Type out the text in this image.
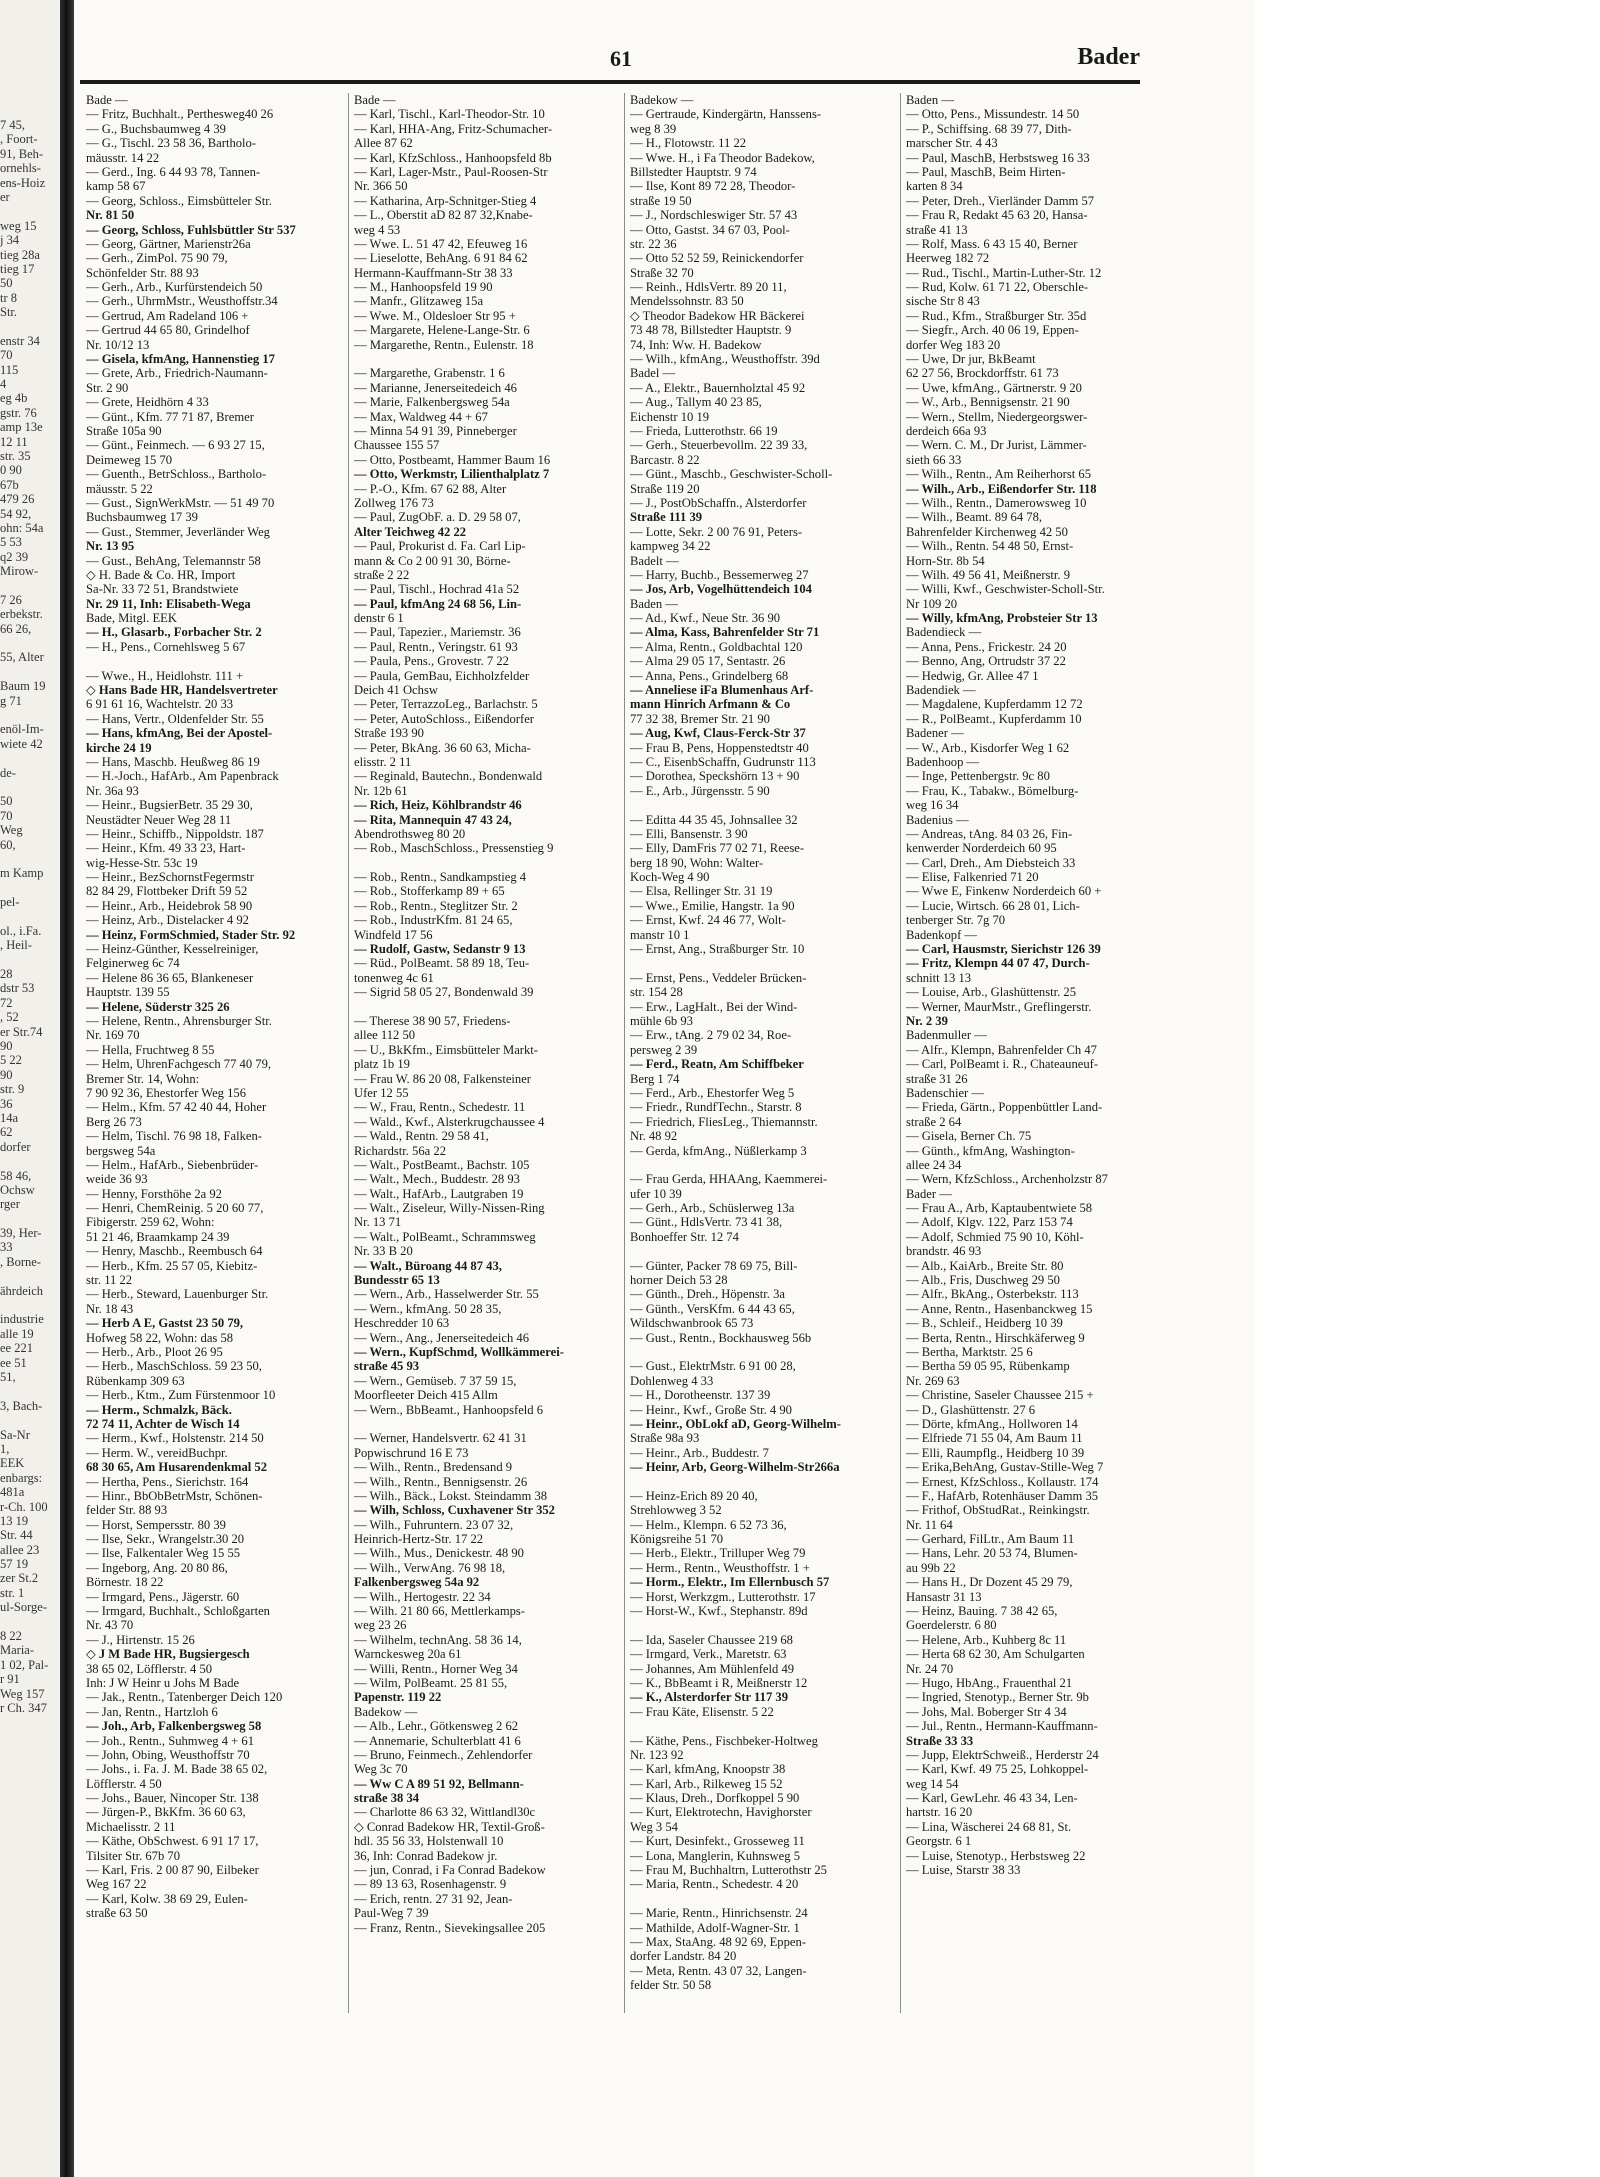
7 45,
, Foort-
91, Beh-
ornehls-
ens-Hoiz
er
weg 15
j 34
tieg 28a
tieg 17
50
tr 8
Str.
enstr 34
70
115
4
eg 4b
gstr. 76
amp 13e
12 11
str. 35
0 90
67b
479 26
54 92,
ohn: 54a
5 53
q2 39
Mirow-
7 26
erbekstr.
66 26,
55, Alter
Baum 19
g 71
enöl-Im-
wiete 42
de-
50
70
Weg
60,
m Kamp
pel-
ol., i.Fa.
, Heil-
28
dstr 53
72
, 52
er Str.74
90
5 22
90
str. 9
36
14a
62
dorfer
58 46,
Ochsw
rger
39, Her-
33
, Borne-
ährdeich
industrie
alle 19
ee 221
ee 51
51,
3, Bach-
Sa-Nr
1,
EEK
enbargs:
481a
r-Ch. 100
13 19
Str. 44
allee 23
57 19
zer St.2
str. 1
ul-Sorge-
8 22
Maria-
1 02, Pal-
r 91
Weg 157
r Ch. 347
61	Bader
Bade —
— Fritz, Buchhalt., Perthesweg40 26
— G., Buchsbaumweg 4 39
— G., Tischl. 23 58 36, Bartholo-
mäusstr. 14 22
— Gerd., Ing. 6 44 93 78, Tannen-
kamp 58 67
— Georg, Schloss., Eimsbütteler Str.
Nr. 81 50
— Georg, Schloss, Fuhlsbüttler Str 537
— Georg, Gärtner, Marienstr26a
— Gerh., ZimPol. 75 90 79,
Schönfelder Str. 88 93
— Gerh., Arb., Kurfürstendeich 50
— Gerh., UhrmMstr., Weusthoffstr.34
— Gertrud, Am Radeland 106 +
— Gertrud 44 65 80, Grindelhof
Nr. 10/12 13
— Gisela, kfmAng, Hannenstieg 17
— Grete, Arb., Friedrich-Naumann-
Str. 2 90
— Grete, Heidhörn 4 33
— Günt., Kfm. 77 71 87, Bremer
Straße 105a 90
— Günt., Feinmech. — 6 93 27 15,
Deimeweg 15 70
— Guenth., BetrSchloss., Bartholo-
mäusstr. 5 22
— Gust., SignWerkMstr. — 51 49 70
Buchsbaumweg 17 39
— Gust., Stemmer, Jeverländer Weg
Nr. 13 95
— Gust., BehAng, Telemannstr 58
◇ H. Bade & Co. HR, Import
Sa-Nr. 33 72 51, Brandstwiete
Nr. 29 11, Inh: Elisabeth-Wega
Bade, Mitgl. EEK
— H., Glasarb., Forbacher Str. 2
— H., Pens., Cornehlsweg 5 67
— Wwe., H., Heidlohstr. 111 +
◇ Hans Bade HR, Handelsvertreter
6 91 61 16, Wachtelstr. 20 33
— Hans, Vertr., Oldenfelder Str. 55
— Hans, kfmAng, Bei der Apostel-
kirche 24 19
— Hans, Maschb. Heußweg 86 19
— H.-Joch., HafArb., Am Papenbrack
Nr. 36a 93
— Heinr., BugsierBetr. 35 29 30,
Neustädter Neuer Weg 28 11
— Heinr., Schiffb., Nippoldstr. 187
— Heinr., Kfm. 49 33 23, Hart-
wig-Hesse-Str. 53c 19
— Heinr., BezSchornstFegermstr
82 84 29, Flottbeker Drift 59 52
— Heinr., Arb., Heidebrok 58 90
— Heinz, Arb., Distelacker 4 92
— Heinz, FormSchmied, Stader Str. 92
— Heinz-Günther, Kesselreiniger,
Felginerweg 6c 74
— Helene 86 36 65, Blankeneser
Hauptstr. 139 55
— Helene, Süderstr 325 26
— Helene, Rentn., Ahrensburger Str.
Nr. 169 70
— Hella, Fruchtweg 8 55
— Helm, UhrenFachgesch 77 40 79,
Bremer Str. 14, Wohn:
7 90 92 36, Ehestorfer Weg 156
— Helm., Kfm. 57 42 40 44, Hoher
Berg 26 73
— Helm, Tischl. 76 98 18, Falken-
bergsweg 54a
— Helm., HafArb., Siebenbrüder-
weide 36 93
— Henny, Forsthöhe 2a 92
— Henri, ChemReinig. 5 20 60 77,
Fibigerstr. 259 62, Wohn:
51 21 46, Braamkamp 24 39
— Henry, Maschb., Reembusch 64
— Herb., Kfm. 25 57 05, Kiebitz-
str. 11 22
— Herb., Steward, Lauenburger Str.
Nr. 18 43
— Herb A E, Gastst 23 50 79,
Hofweg 58 22, Wohn: das 58
— Herb., Arb., Ploot 26 95
— Herb., MaschSchloss. 59 23 50,
Rübenkamp 309 63
— Herb., Ktm., Zum Fürstenmoor 10
— Herm., Schmalzk, Bäck.
72 74 11, Achter de Wisch 14
— Herm., Kwf., Holstenstr. 214 50
— Herm. W., vereidBuchpr.
68 30 65, Am Husarendenkmal 52
— Hertha, Pens., Sierichstr. 164
— Hinr., BbObBetrMstr, Schönen-
felder Str. 88 93
— Horst, Sempersstr. 80 39
— Ilse, Sekr., Wrangelstr.30 20
— Ilse, Falkentaler Weg 15 55
— Ingeborg, Ang. 20 80 86,
Börnestr. 18 22
— Irmgard, Pens., Jägerstr. 60
— Irmgard, Buchhalt., Schloßgarten
Nr. 43 70
— J., Hirtenstr. 15 26
◇ J M Bade HR, Bugsiergesch
38 65 02, Löfflerstr. 4 50
Inh: J W Heinr u Johs M Bade
— Jak., Rentn., Tatenberger Deich 120
— Jan, Rentn., Hartzloh 6
— Joh., Arb, Falkenbergsweg 58
— Joh., Rentn., Suhmweg 4 + 61
— John, Obing, Weusthoffstr 70
— Johs., i. Fa. J. M. Bade 38 65 02,
Löfflerstr. 4 50
— Johs., Bauer, Nincoper Str. 138
— Jürgen-P., BkKfm. 36 60 63,
Michaelisstr. 2 11
— Käthe, ObSchwest. 6 91 17 17,
Tilsiter Str. 67b 70
— Karl, Fris. 2 00 87 90, Eilbeker
Weg 167 22
— Karl, Kolw. 38 69 29, Eulen-
straße 63 50
Bade —
— Karl, Tischl., Karl-Theodor-Str. 10
— Karl, HHA-Ang, Fritz-Schumacher-
Allee 87 62
— Karl, KfzSchloss., Hanhoopsfeld 8b
— Karl, Lager-Mstr., Paul-Roosen-Str
Nr. 366 50
— Katharina, Arp-Schnitger-Stieg 4
— L., Oberstit aD 82 87 32,Knabe-
weg 4 53
— Wwe. L. 51 47 42, Efeuweg 16
— Lieselotte, BehAng. 6 91 84 62
Hermann-Kauffmann-Str 38 33
— M., Hanhoopsfeld 19 90
— Manfr., Glitzaweg 15a
— Wwe. M., Oldesloer Str 95 +
— Margarete, Helene-Lange-Str. 6
— Margarethe, Rentn., Eulenstr. 18
— Margarethe, Grabenstr. 1 6
— Marianne, Jenerseitedeich 46
— Marie, Falkenbergsweg 54a
— Max, Waldweg 44 + 67
— Minna 54 91 39, Pinneberger
Chaussee 155 57
— Otto, Postbeamt, Hammer Baum 16
— Otto, Werkmstr, Lilienthalplatz 7
— P.-O., Kfm. 67 62 88, Alter
Zollweg 176 73
— Paul, ZugObF. a. D. 29 58 07,
Alter Teichweg 42 22
— Paul, Prokurist d. Fa. Carl Lip-
mann & Co 2 00 91 30, Börne-
straße 2 22
— Paul, Tischl., Hochrad 41a 52
— Paul, kfmAng 24 68 56, Lin-
denstr 6 1
— Paul, Tapezier., Mariemstr. 36
— Paul, Rentn., Veringstr. 61 93
— Paula, Pens., Grovestr. 7 22
— Paula, GemBau, Eichholzfelder
Deich 41 Ochsw
— Peter, TerrazzoLeg., Barlachstr. 5
— Peter, AutoSchloss., Eißendorfer
Straße 193 90
— Peter, BkAng. 36 60 63, Micha-
elisstr. 2 11
— Reginald, Bautechn., Bondenwald
Nr. 12b 61
— Rich, Heiz, Köhlbrandstr 46
— Rita, Mannequin 47 43 24,
Abendrothsweg 80 20
— Rob., MaschSchloss., Pressenstieg 9
— Rob., Rentn., Sandkampstieg 4
— Rob., Stofferkamp 89 + 65
— Rob., Rentn., Steglitzer Str. 2
— Rob., IndustrKfm. 81 24 65,
Windfeld 17 56
— Rudolf, Gastw, Sedanstr 9 13
— Rüd., PolBeamt. 58 89 18, Teu-
tonenweg 4c 61
— Sigrid 58 05 27, Bondenwald 39
— Therese 38 90 57, Friedens-
allee 112 50
— U., BkKfm., Eimsbütteler Markt-
platz 1b 19
— Frau W. 86 20 08, Falkensteiner
Ufer 12 55
— W., Frau, Rentn., Schedestr. 11
— Wald., Kwf., Alsterkrugchaussee 4
— Wald., Rentn. 29 58 41,
Richardstr. 56a 22
— Walt., PostBeamt., Bachstr. 105
— Walt., Mech., Buddestr. 28 93
— Walt., HafArb., Lautgraben 19
— Walt., Ziseleur, Willy-Nissen-Ring
Nr. 13 71
— Walt., PolBeamt., Schrammsweg
Nr. 33 B 20
— Walt., Büroang 44 87 43,
Bundesstr 65 13
— Wern., Arb., Hasselwerder Str. 55
— Wern., kfmAng. 50 28 35,
Heschredder 10 63
— Wern., Ang., Jenerseitedeich 46
— Wern., KupfSchmd, Wollkämmerei-
straße 45 93
— Wern., Gemüseb. 7 37 59 15,
Moorfleeter Deich 415 Allm
— Wern., BbBeamt., Hanhoopsfeld 6
— Werner, Handelsvertr. 62 41 31
Popwischrund 16 E 73
— Wilh., Rentn., Bredensand 9
— Wilh., Rentn., Bennigsenstr. 26
— Wilh., Bäck., Lokst. Steindamm 38
— Wilh, Schloss, Cuxhavener Str 352
— Wilh., Fuhruntern. 23 07 32,
Heinrich-Hertz-Str. 17 22
— Wilh., Mus., Denickestr. 48 90
— Wilh., VerwAng. 76 98 18,
Falkenbergsweg 54a 92
— Wilh., Hertogestr. 22 34
— Wilh. 21 80 66, Mettlerkamps-
weg 23 26
— Wilhelm, technAng. 58 36 14,
Warnckesweg 20a 61
— Willi, Rentn., Horner Weg 34
— Wilm, PolBeamt. 25 81 55,
Papenstr. 119 22
Badekow —
— Alb., Lehr., Götkensweg 2 62
— Annemarie, Schulterblatt 41 6
— Bruno, Feinmech., Zehlendorfer
Weg 3c 70
— Ww C A 89 51 92, Bellmann-
straße 38 34
— Charlotte 86 63 32, Wittlandl30c
◇ Conrad Badekow HR, Textil-Groß-
hdl. 35 56 33, Holstenwall 10
36, Inh: Conrad Badekow jr.
— jun, Conrad, i Fa Conrad Badekow
— 89 13 63, Rosenhagenstr. 9
— Erich, rentn. 27 31 92, Jean-
Paul-Weg 7 39
— Franz, Rentn., Sievekingsallee 205
Badekow —
— Gertraude, Kindergärtn, Hanssens-
weg 8 39
— H., Flotowstr. 11 22
— Wwe. H., i Fa Theodor Badekow,
Billstedter Hauptstr. 9 74
— Ilse, Kont 89 72 28, Theodor-
straße 19 50
— J., Nordschleswiger Str. 57 43
— Otto, Gastst. 34 67 03, Pool-
str. 22 36
— Otto 52 52 59, Reinickendorfer
Straße 32 70
— Reinh., HdlsVertr. 89 20 11,
Mendelssohnstr. 83 50
◇ Theodor Badekow HR Bäckerei
73 48 78, Billstedter Hauptstr. 9
74, Inh: Ww. H. Badekow
— Wilh., kfmAng., Weusthoffstr. 39d
Badel —
— A., Elektr., Bauernholztal 45 92
— Aug., Tallym 40 23 85,
Eichenstr 10 19
— Frieda, Lutterothstr. 66 19
— Gerh., Steuerbevollm. 22 39 33,
Barcastr. 8 22
— Günt., Maschb., Geschwister-Scholl-
Straße 119 20
— J., PostObSchaffn., Alsterdorfer
Straße 111 39
— Lotte, Sekr. 2 00 76 91, Peters-
kampweg 34 22
Badelt —
— Harry, Buchb., Bessemerweg 27
— Jos, Arb, Vogelhüttendeich 104
Baden —
— Ad., Kwf., Neue Str. 36 90
— Alma, Kass, Bahrenfelder Str 71
— Alma, Rentn., Goldbachtal 120
— Alma 29 05 17, Sentastr. 26
— Anna, Pens., Grindelberg 68
— Anneliese iFa Blumenhaus Arf-
mann Hinrich Arfmann & Co
77 32 38, Bremer Str. 21 90
— Aug, Kwf, Claus-Ferck-Str 37
— Frau B, Pens, Hoppenstedtstr 40
— C., EisenbSchaffn, Gudrunstr 113
— Dorothea, Speckshörn 13 + 90
— E., Arb., Jürgensstr. 5 90
— Editta 44 35 45, Johnsallee 32
— Elli, Bansenstr. 3 90
— Elly, DamFris 77 02 71, Reese-
berg 18 90, Wohn: Walter-
Koch-Weg 4 90
— Elsa, Rellinger Str. 31 19
— Wwe., Emilie, Hangstr. 1a 90
— Ernst, Kwf. 24 46 77, Wolt-
manstr 10 1
— Ernst, Ang., Straßburger Str. 10
— Ernst, Pens., Veddeler Brücken-
str. 154 28
— Erw., LagHalt., Bei der Wind-
mühle 6b 93
— Erw., tAng. 2 79 02 34, Roe-
persweg 2 39
— Ferd., Reatn, Am Schiffbeker
Berg 1 74
— Ferd., Arb., Ehestorfer Weg 5
— Friedr., RundfTechn., Starstr. 8
— Friedrich, FliesLeg., Thiemannstr.
Nr. 48 92
— Gerda, kfmAng., Nüßlerkamp 3
— Frau Gerda, HHAAng, Kaemmerei-
ufer 10 39
— Gerh., Arb., Schüslerweg 13a
— Günt., HdlsVertr. 73 41 38,
Bonhoeffer Str. 12 74
— Günter, Packer 78 69 75, Bill-
horner Deich 53 28
— Günth., Dreh., Höpenstr. 3a
— Günth., VersKfm. 6 44 43 65,
Wildschwanbrook 65 73
— Gust., Rentn., Bockhausweg 56b
— Gust., ElektrMstr. 6 91 00 28,
Dohlenweg 4 33
— H., Dorotheenstr. 137 39
— Heinr., Kwf., Große Str. 4 90
— Heinr., ObLokf aD, Georg-Wilhelm-
Straße 98a 93
— Heinr., Arb., Buddestr. 7
— Heinr, Arb, Georg-Wilhelm-Str266a
— Heinz-Erich 89 20 40,
Strehlowweg 3 52
— Helm., Klempn. 6 52 73 36,
Königsreihe 51 70
— Herb., Elektr., Trilluper Weg 79
— Herm., Rentn., Weusthoffstr. 1 +
— Horm., Elektr., Im Ellernbusch 57
— Horst, Werkzgm., Lutterothstr. 17
— Horst-W., Kwf., Stephanstr. 89d
— Ida, Saseler Chaussee 219 68
— Irmgard, Verk., Maretstr. 63
— Johannes, Am Mühlenfeld 49
— K., BbBeamt i R, Meißnerstr 12
— K., Alsterdorfer Str 117 39
— Frau Käte, Elisenstr. 5 22
— Käthe, Pens., Fischbeker-Holtweg
Nr. 123 92
— Karl, kfmAng, Knoopstr 38
— Karl, Arb., Rilkeweg 15 52
— Klaus, Dreh., Dorfkoppel 5 90
— Kurt, Elektrotechn, Havighorster
Weg 3 54
— Kurt, Desinfekt., Grosseweg 11
— Lona, Manglerin, Kuhnsweg 5
— Frau M, Buchhaltrn, Lutterothstr 25
— Maria, Rentn., Schedestr. 4 20
— Marie, Rentn., Hinrichsenstr. 24
— Mathilde, Adolf-Wagner-Str. 1
— Max, StaAng. 48 92 69, Eppen-
dorfer Landstr. 84 20
— Meta, Rentn. 43 07 32, Langen-
felder Str. 50 58
Baden —
— Otto, Pens., Missundestr. 14 50
— P., Schiffsing. 68 39 77, Dith-
marscher Str. 4 43
— Paul, MaschB, Herbstsweg 16 33
— Paul, MaschB, Beim Hirten-
karten 8 34
— Peter, Dreh., Vierländer Damm 57
— Frau R, Redakt 45 63 20, Hansa-
straße 41 13
— Rolf, Mass. 6 43 15 40, Berner
Heerweg 182 72
— Rud., Tischl., Martin-Luther-Str. 12
— Rud, Kolw. 61 71 22, Oberschle-
sische Str 8 43
— Rud., Kfm., Straßburger Str. 35d
— Siegfr., Arch. 40 06 19, Eppen-
dorfer Weg 183 20
— Uwe, Dr jur, BkBeamt
62 27 56, Brockdorffstr. 61 73
— Uwe, kfmAng., Gärtnerstr. 9 20
— W., Arb., Bennigsenstr. 21 90
— Wern., Stellm, Niedergeorgswer-
derdeich 66a 93
— Wern. C. M., Dr Jurist, Lämmer-
sieth 66 33
— Wilh., Rentn., Am Reiherhorst 65
— Wilh., Arb., Eißendorfer Str. 118
— Wilh., Rentn., Damerowsweg 10
— Wilh., Beamt. 89 64 78,
Bahrenfelder Kirchenweg 42 50
— Wilh., Rentn. 54 48 50, Ernst-
Horn-Str. 8b 54
— Wilh. 49 56 41, Meißnerstr. 9
— Willi, Kwf., Geschwister-Scholl-Str.
Nr 109 20
— Willy, kfmAng, Probsteier Str 13
Badendieck —
— Anna, Pens., Frickestr. 24 20
— Benno, Ang, Ortrudstr 37 22
— Hedwig, Gr. Allee 47 1
Badendiek —
— Magdalene, Kupferdamm 12 72
— R., PolBeamt., Kupferdamm 10
Badener —
— W., Arb., Kisdorfer Weg 1 62
Badenhoop —
— Inge, Pettenbergstr. 9c 80
— Frau, K., Tabakw., Bömelburg-
weg 16 34
Badenius —
— Andreas, tAng. 84 03 26, Fin-
kenwerder Norderdeich 60 95
— Carl, Dreh., Am Diebsteich 33
— Elise, Falkenried 71 20
— Wwe E, Finkenw Norderdeich 60 +
— Lucie, Wirtsch. 66 28 01, Lich-
tenberger Str. 7g 70
Badenkopf —
— Carl, Hausmstr, Sierichstr 126 39
— Fritz, Klempn 44 07 47, Durch-
schnitt 13 13
— Louise, Arb., Glashüttenstr. 25
— Werner, MaurMstr., Greflingerstr.
Nr. 2 39
Badenmuller —
— Alfr., Klempn, Bahrenfelder Ch 47
— Carl, PolBeamt i. R., Chateauneuf-
straße 31 26
Badenschier —
— Frieda, Gärtn., Poppenbüttler Land-
straße 2 64
— Gisela, Berner Ch. 75
— Günth., kfmAng, Washington-
allee 24 34
— Wern, KfzSchloss., Archenholzstr 87
Bader —
— Frau A., Arb, Kaptaubentwiete 58
— Adolf, Klgv. 122, Parz 153 74
— Adolf, Schmied 75 90 10, Köhl-
brandstr. 46 93
— Alb., KaiArb., Breite Str. 80
— Alb., Fris, Duschweg 29 50
— Alfr., BkAng., Osterbekstr. 113
— Anne, Rentn., Hasenbanckweg 15
— B., Schleif., Heidberg 10 39
— Berta, Rentn., Hirschkäferweg 9
— Bertha, Marktstr. 25 6
— Bertha 59 05 95, Rübenkamp
Nr. 269 63
— Christine, Saseler Chaussee 215 +
— D., Glashüttenstr. 27 6
— Dörte, kfmAng., Hollworen 14
— Elfriede 71 55 04, Am Baum 11
— Elli, Raumpflg., Heidberg 10 39
— Erika,BehAng, Gustav-Stille-Weg 7
— Ernest, KfzSchloss., Kollaustr. 174
— F., HafArb, Rotenhäuser Damm 35
— Frithof, ObStudRat., Reinkingstr.
Nr. 11 64
— Gerhard, FilLtr., Am Baum 11
— Hans, Lehr. 20 53 74, Blumen-
au 99b 22
— Hans H., Dr Dozent 45 29 79,
Hansastr 31 13
— Heinz, Bauing. 7 38 42 65,
Goerdelerstr. 6 80
— Helene, Arb., Kuhberg 8c 11
— Herta 68 62 30, Am Schulgarten
Nr. 24 70
— Hugo, HbAng., Frauenthal 21
— Ingried, Stenotyp., Berner Str. 9b
— Johs, Mal. Boberger Str 4 34
— Jul., Rentn., Hermann-Kauffmann-
Straße 33 33
— Jupp, ElektrSchweiß., Herderstr 24
— Karl, Kwf. 49 75 25, Lohkoppel-
weg 14 54
— Karl, GewLehr. 46 43 34, Len-
hartstr. 16 20
— Lina, Wäscherei 24 68 81, St.
Georgstr. 6 1
— Luise, Stenotyp., Herbstsweg 22
— Luise, Starstr 38 33
